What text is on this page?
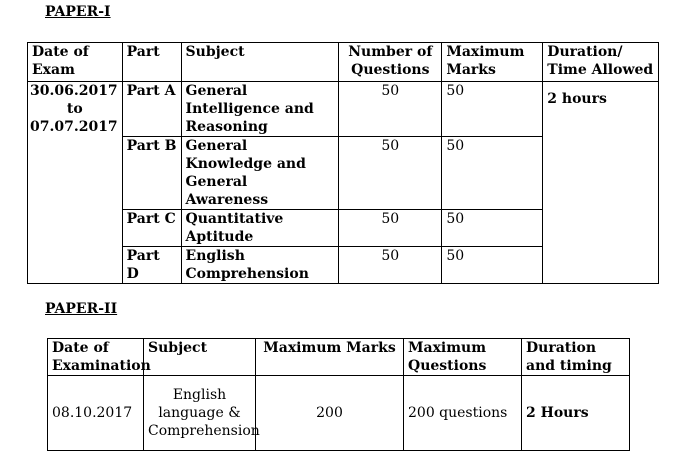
PAPER-I
Date of Exam	Part	Subject	Number of Questions	Maximum Marks	Duration/ Time Allowed

30.06.2017
to
07.07.2017	Part A	General Intelligence and Reasoning	50	50	2 hours
	Part B	General Knowledge and General Awareness	50	50	
	Part C	Quantitative Aptitude	50	50	
	Part D	English Comprehension	50	50	
PAPER-II
Date of Examination	Subject	Maximum Marks	Maximum Questions	Duration and timing
08.10.2017	English language & Comprehension	200	200 questions	2 Hours
